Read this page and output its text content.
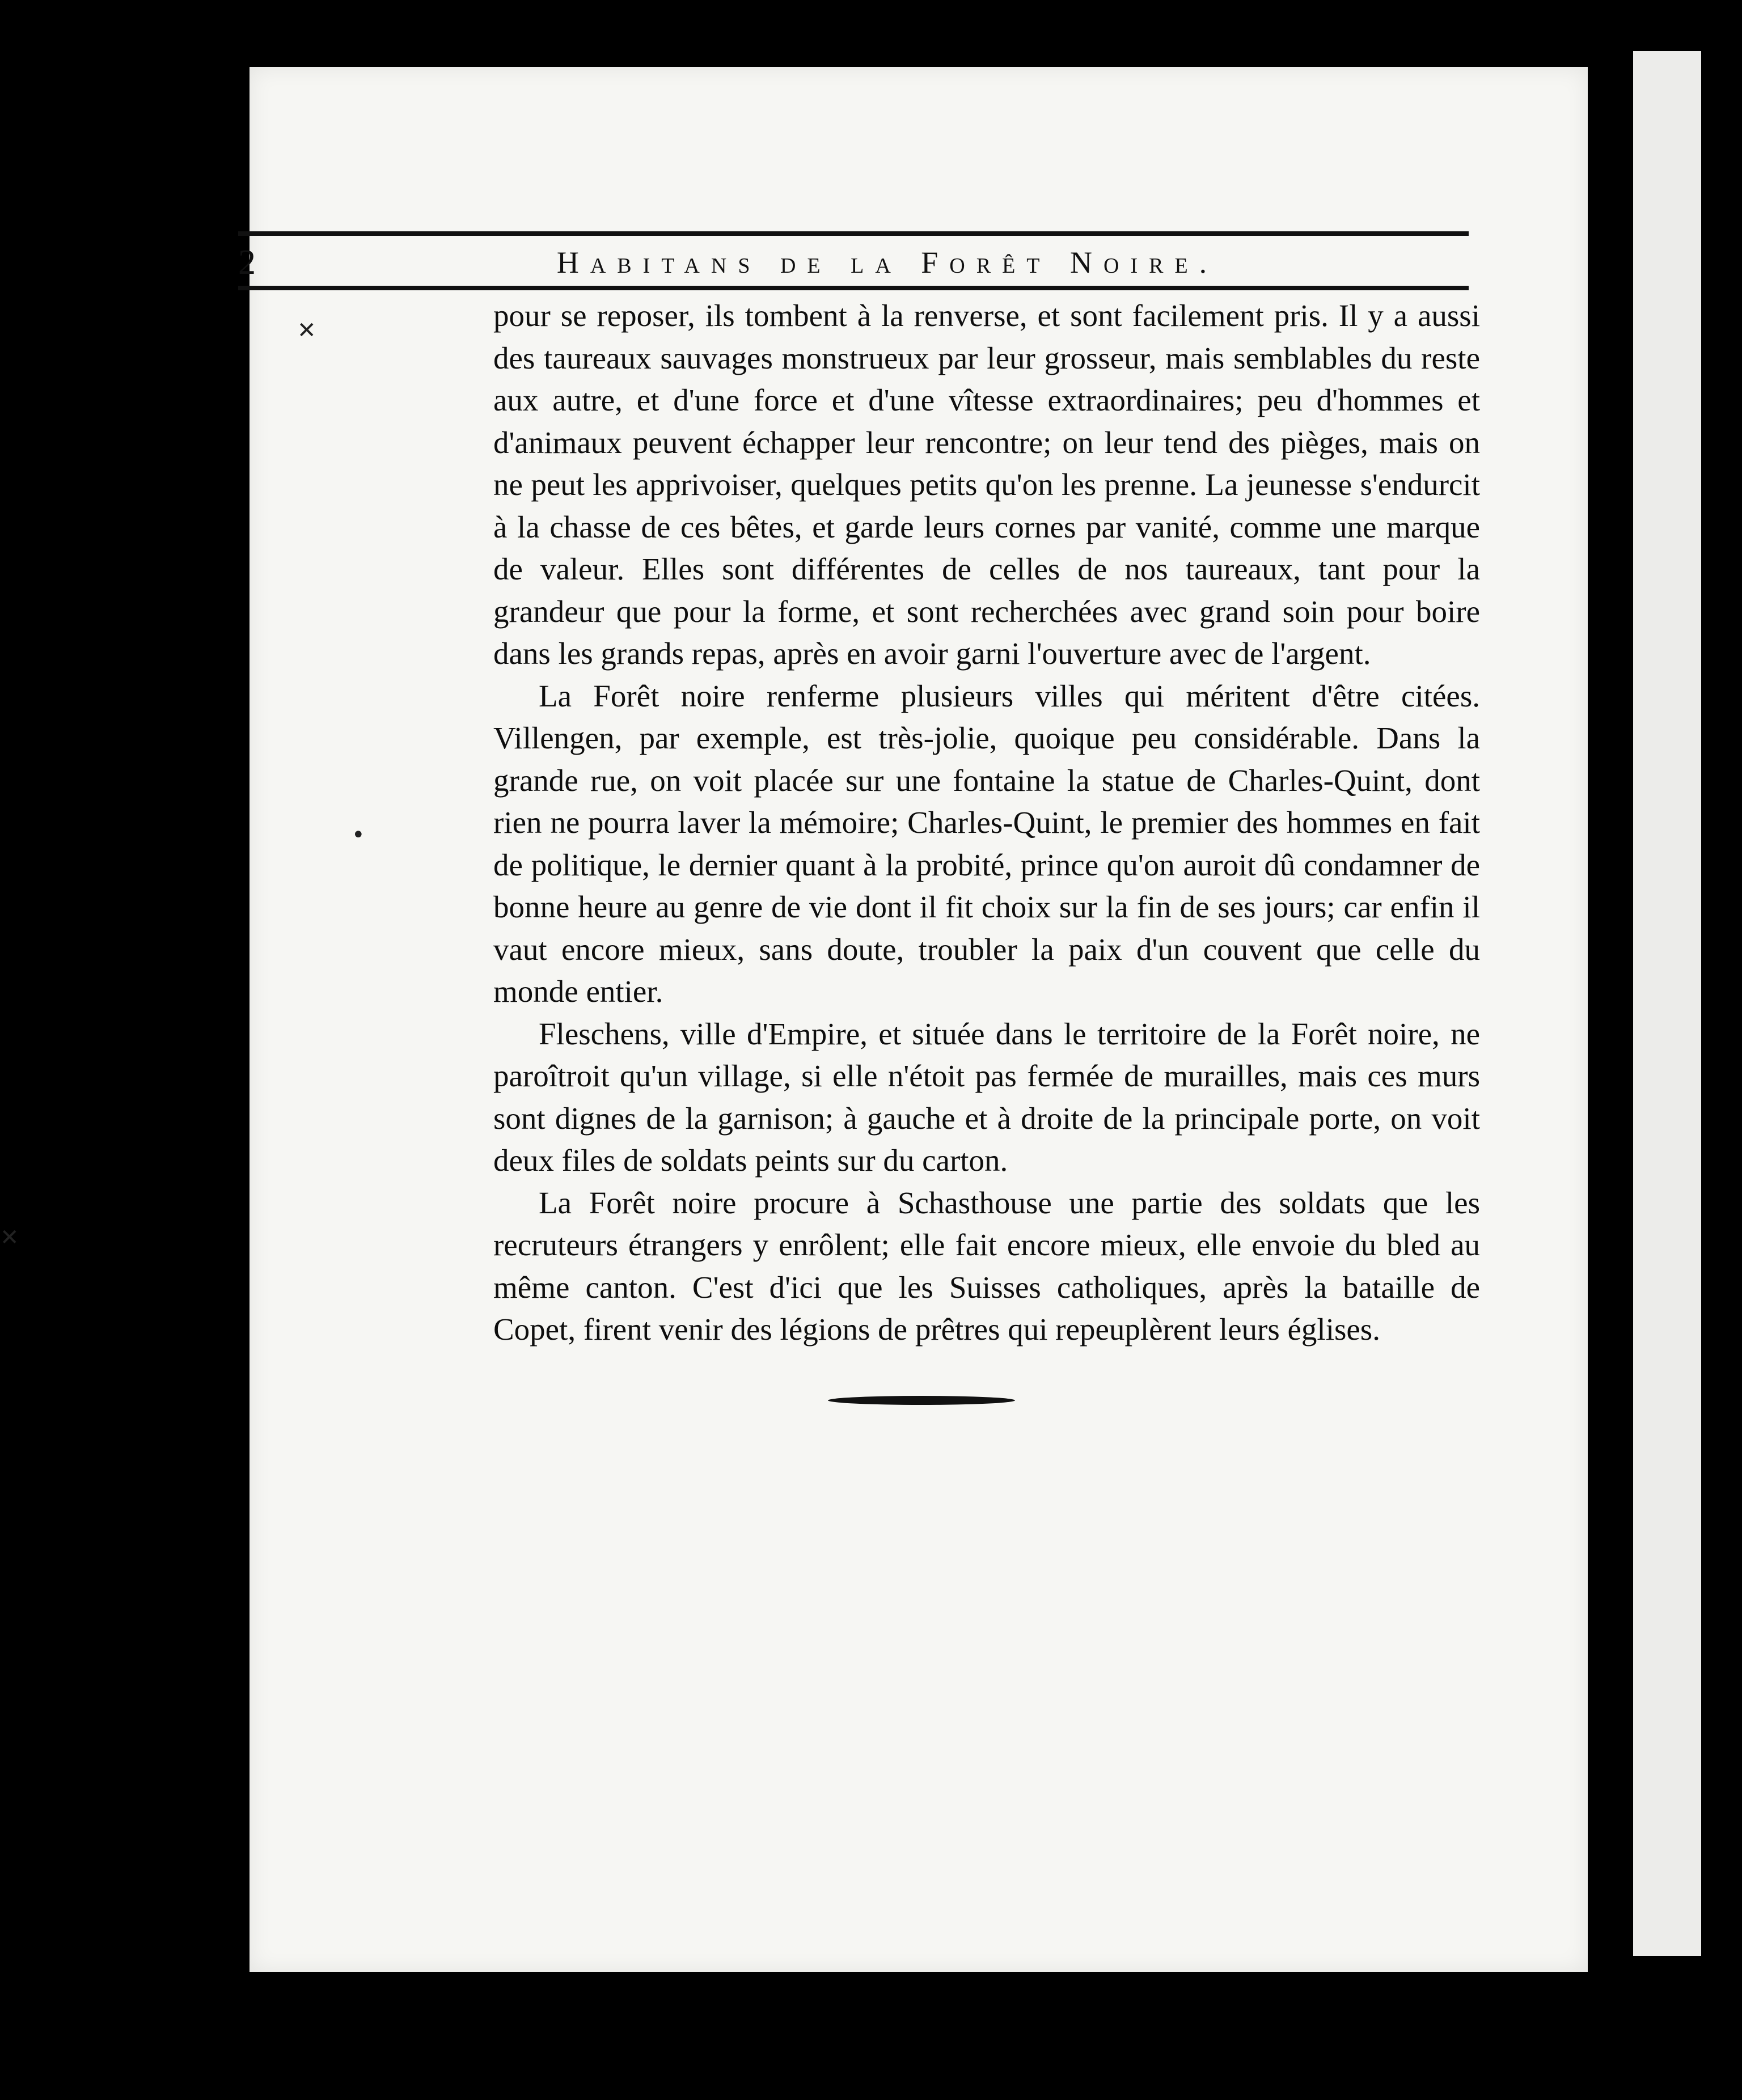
✕
•
✕
2	Habitans de la Forêt Noire.

pour se reposer, ils tombent à la renverse, et sont facilement pris. Il y a aussi des taureaux sauvages monstrueux par leur grosseur, mais semblables du reste aux autre, et d'une force et d'une vîtesse extraordinaires; peu d'hommes et d'animaux peuvent échapper leur rencontre; on leur tend des pièges, mais on ne peut les apprivoiser, quelques petits qu'on les prenne. La jeunesse s'endurcit à la chasse de ces bêtes, et garde leurs cornes par vanité, comme une marque de valeur. Elles sont différentes de celles de nos taureaux, tant pour la grandeur que pour la forme, et sont recherchées avec grand soin pour boire dans les grands repas, après en avoir garni l'ouverture avec de l'argent.

La Forêt noire renferme plusieurs villes qui méritent d'être citées. Villengen, par exemple, est très-jolie, quoique peu considérable. Dans la grande rue, on voit placée sur une fontaine la statue de Charles-Quint, dont rien ne pourra laver la mémoire; Charles-Quint, le premier des hommes en fait de politique, le dernier quant à la probité, prince qu'on auroit dû condamner de bonne heure au genre de vie dont il fit choix sur la fin de ses jours; car enfin il vaut encore mieux, sans doute, troubler la paix d'un couvent que celle du monde entier.

Fleschens, ville d'Empire, et située dans le territoire de la Forêt noire, ne paroîtroit qu'un village, si elle n'étoit pas fermée de murailles, mais ces murs sont dignes de la garnison; à gauche et à droite de la principale porte, on voit deux files de soldats peints sur du carton.

La Forêt noire procure à Schasthouse une partie des soldats que les recruteurs étrangers y enrôlent; elle fait encore mieux, elle envoie du bled au même canton. C'est d'ici que les Suisses catholiques, après la bataille de Copet, firent venir des légions de prêtres qui repeuplèrent leurs églises.
